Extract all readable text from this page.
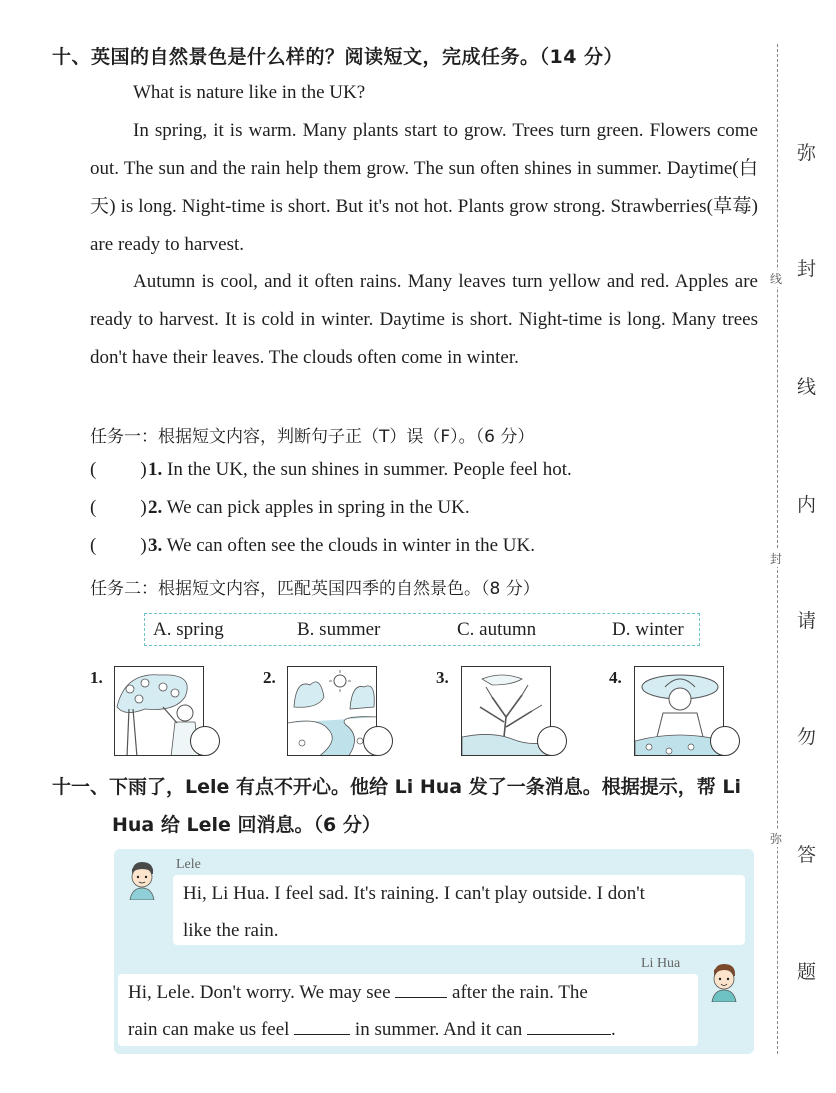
十、英国的自然景色是什么样的？阅读短文，完成任务。（14 分）
What is nature like in the UK?
In spring, it is warm. Many plants start to grow. Trees turn green. Flowers come out. The sun and the rain help them grow. The sun often shines in summer. Daytime(白天) is long. Night-time is short. But it's not hot. Plants grow strong. Strawberries(草莓) are ready to harvest.
Autumn is cool, and it often rains. Many leaves turn yellow and red. Apples are ready to harvest. It is cold in winter. Daytime is short. Night-time is long. Many trees don't have their leaves. The clouds often come in winter.
任务一：根据短文内容，判断句子正（T）误（F）。（6 分）
( )1. In the UK, the sun shines in summer. People feel hot.
( )2. We can pick apples in spring in the UK.
( )3. We can often see the clouds in winter in the UK.
任务二：根据短文内容，匹配英国四季的自然景色。（8 分）
A. spring	B. summer	C. autumn	D. winter
1.	2.	3.	4.
十一、下雨了，Lele 有点不开心。他给 Li Hua 发了一条消息。根据提示，帮 Li
Hua 给 Lele 回消息。（6 分）
Lele
Hi, Li Hua. I feel sad. It's raining. I can't play outside. I don't
like the rain.
Li Hua
Hi, Lele. Don't worry. We may see	after the rain. The
rain can make us feel	in summer. And it can	.
弥
封
线
内
请
勿
答
题
线
封
弥
